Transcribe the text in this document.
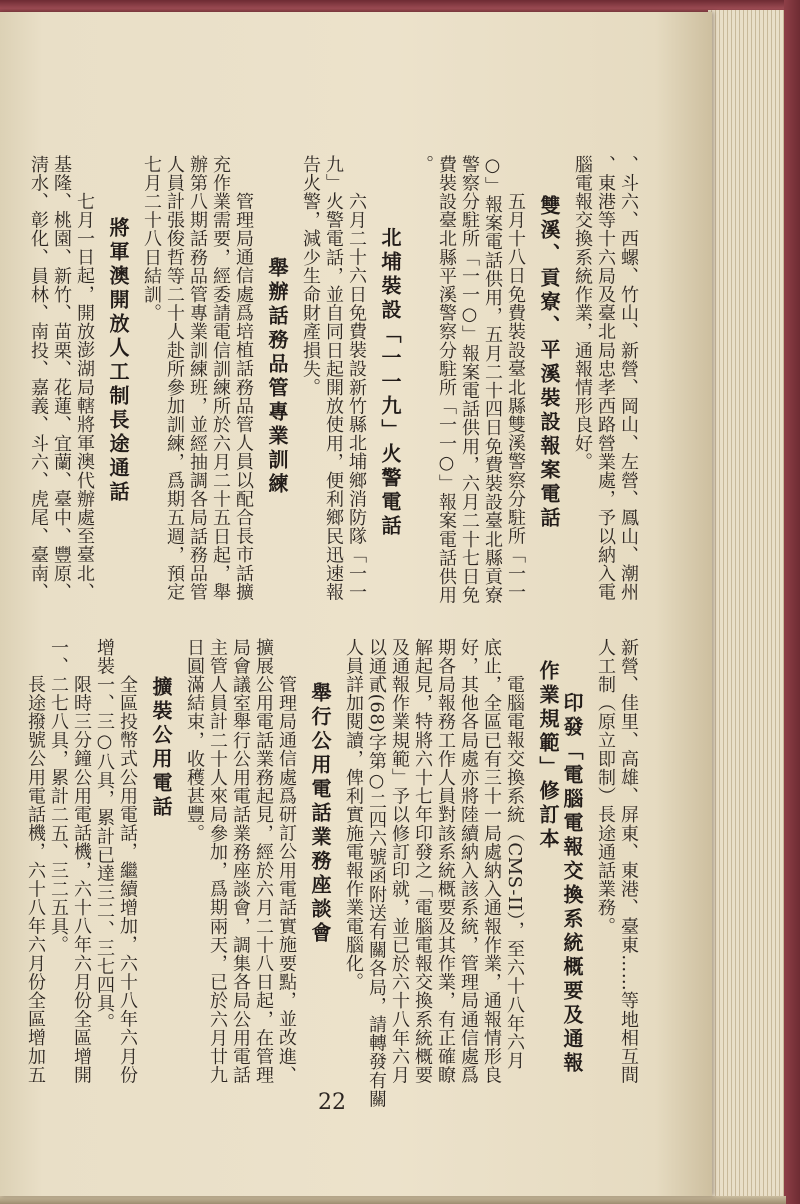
、斗六、西螺、竹山、新營、岡山、左營、鳳山、潮州
、東港等十六局及臺北局忠孝西路營業處，予以納入電
腦電報交換系統作業，通報情形良好。
雙溪、貢寮、平溪裝設報案電話
五月十八日免費裝設臺北縣雙溪警察分駐所「一一
○」報案電話供用，五月二十四日免費裝設臺北縣貢寮
警察分駐所「一一○」報案電話供用，六月二十七日免
費裝設臺北縣平溪警察分駐所「一一○」報案電話供用
。
北埔裝設「一一九」火警電話
六月二十六日免費裝設新竹縣北埔鄉消防隊「一一
九」火警電話，並自同日起開放使用，便利鄉民迅速報
告火警，減少生命財產損失。
舉辦話務品管專業訓練
管理局通信處爲培植話務品管人員以配合長市話擴
充作業需要，經委請電信訓練所於六月二十五日起，舉
辦第八期話務品管專業訓練班，並經抽調各局話務品管
人員計張俊哲等二十人赴所參加訓練，爲期五週，預定
七月二十八日結訓。
將軍澳開放人工制長途通話
七月一日起，開放澎湖局轄將軍澳代辦處至臺北、
基隆、桃園、新竹、苗栗、花蓮、宜蘭、臺中、豐原、
淸水、彰化、員林、南投、嘉義、斗六、虎尾、臺南、
新營、佳里、高雄、屏東、東港、臺東……等地相互間
人工制（原立即制）長途通話業務。
印發「電腦電報交換系統概要及通報
作業規範」修訂本
電腦電報交換系統（CMS-II），至六十八年六月
底止，全區已有三十一局處納入通報作業，通報情形良
好，其他各局處亦將陸續納入該系統，管理局通信處爲
期各局報務工作人員對該系統概要及其作業，有正確瞭
解起見，特將六十七年印發之「電腦電報交換系統概要
及通報作業規範」予以修訂印就，並已於六十八年六月
以通貳(68)字第○二四六號函附送有關各局，請轉發有關
人員詳加閱讀，俾利實施電報作業電腦化。
舉行公用電話業務座談會
管理局通信處爲研訂公用電話實施要點，並改進、
擴展公用電話業務起見，經於六月二十八日起，在管理
局會議室舉行公用電話業務座談會，調集各局公用電話
主管人員計二十人來局參加，爲期兩天，已於六月廿九
日圓滿結束，收穫甚豐。
擴裝公用電話
全區投幣式公用電話，繼續增加，六十八年六月份
增裝一、三○八具，累計已達三二、三七四具。
限時三分鐘公用電話機，六十八年六月份全區增開
一、二七八具，累計二五、三二五具。
長途撥號公用電話機，六十八年六月份全區增加五
22
